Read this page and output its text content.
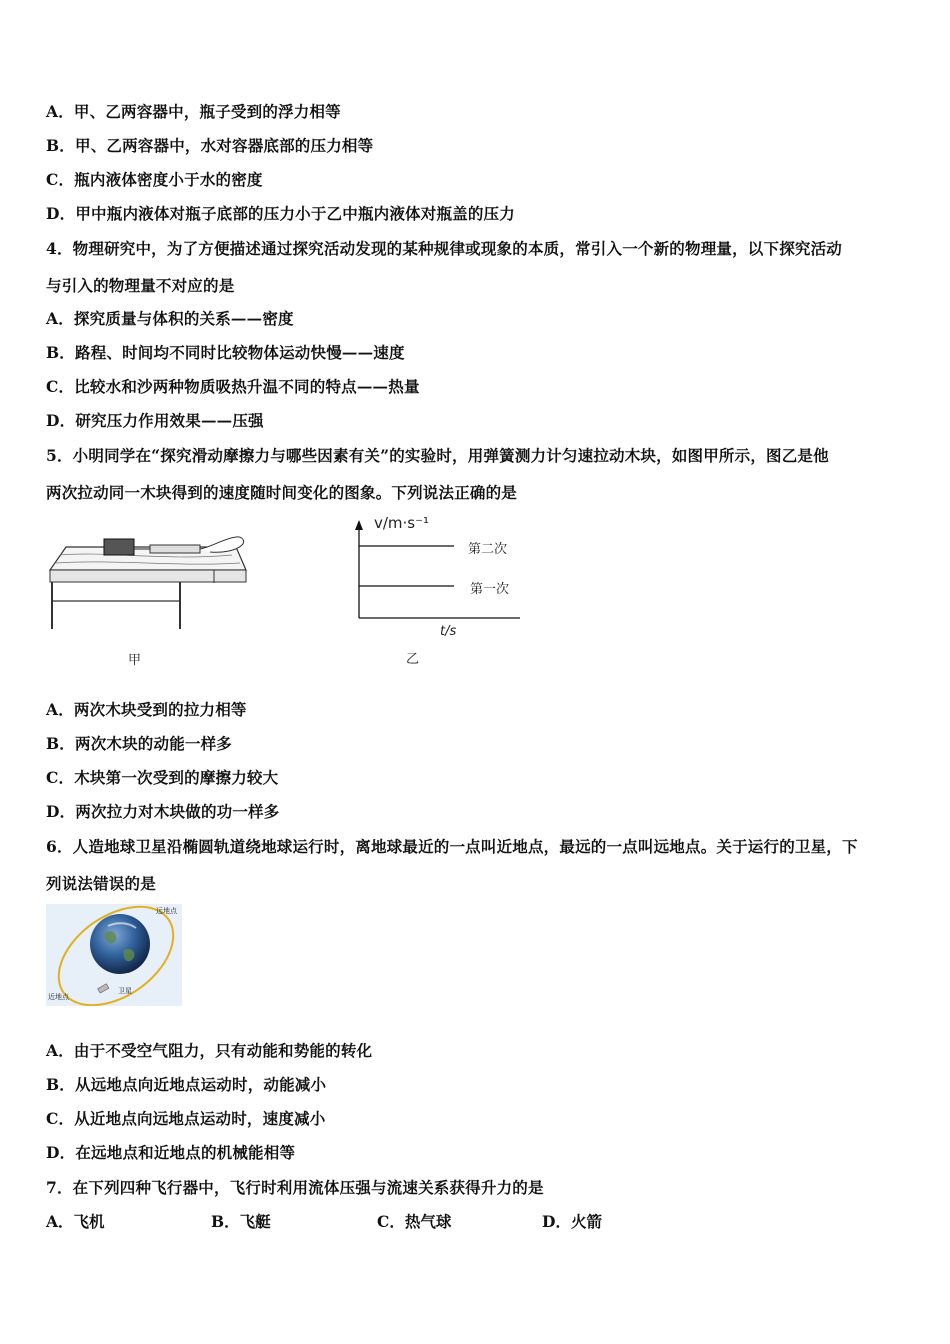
A．甲、乙两容器中，瓶子受到的浮力相等
B．甲、乙两容器中，水对容器底部的压力相等
C．瓶内液体密度小于水的密度
D．甲中瓶内液体对瓶子底部的压力小于乙中瓶内液体对瓶盖的压力
4．物理研究中，为了方便描述通过探究活动发现的某种规律或现象的本质，常引入一个新的物理量，以下探究活动
与引入的物理量不对应的是
A．探究质量与体积的关系——密度
B．路程、时间均不同时比较物体运动快慢——速度
C．比较水和沙两种物质吸热升温不同的特点——热量
D．研究压力作用效果——压强
5．小明同学在“探究滑动摩擦力与哪些因素有关”的实验时，用弹簧测力计匀速拉动木块，如图甲所示，图乙是他
两次拉动同一木块得到的速度随时间变化的图象。下列说法正确的是
甲
v/m·s⁻¹
第二次
第一次
t/s
乙
A．两次木块受到的拉力相等
B．两次木块的动能一样多
C．木块第一次受到的摩擦力较大
D．两次拉力对木块做的功一样多
6．人造地球卫星沿椭圆轨道绕地球运行时，离地球最近的一点叫近地点，最远的一点叫远地点。关于运行的卫星，下
列说法错误的是
远地点
近地点
卫星
A．由于不受空气阻力，只有动能和势能的转化
B．从远地点向近地点运动时，动能减小
C．从近地点向远地点运动时，速度减小
D．在远地点和近地点的机械能相等
7．在下列四种飞行器中，飞行时利用流体压强与流速关系获得升力的是
A．飞机	B．飞艇	C．热气球	D．火箭
